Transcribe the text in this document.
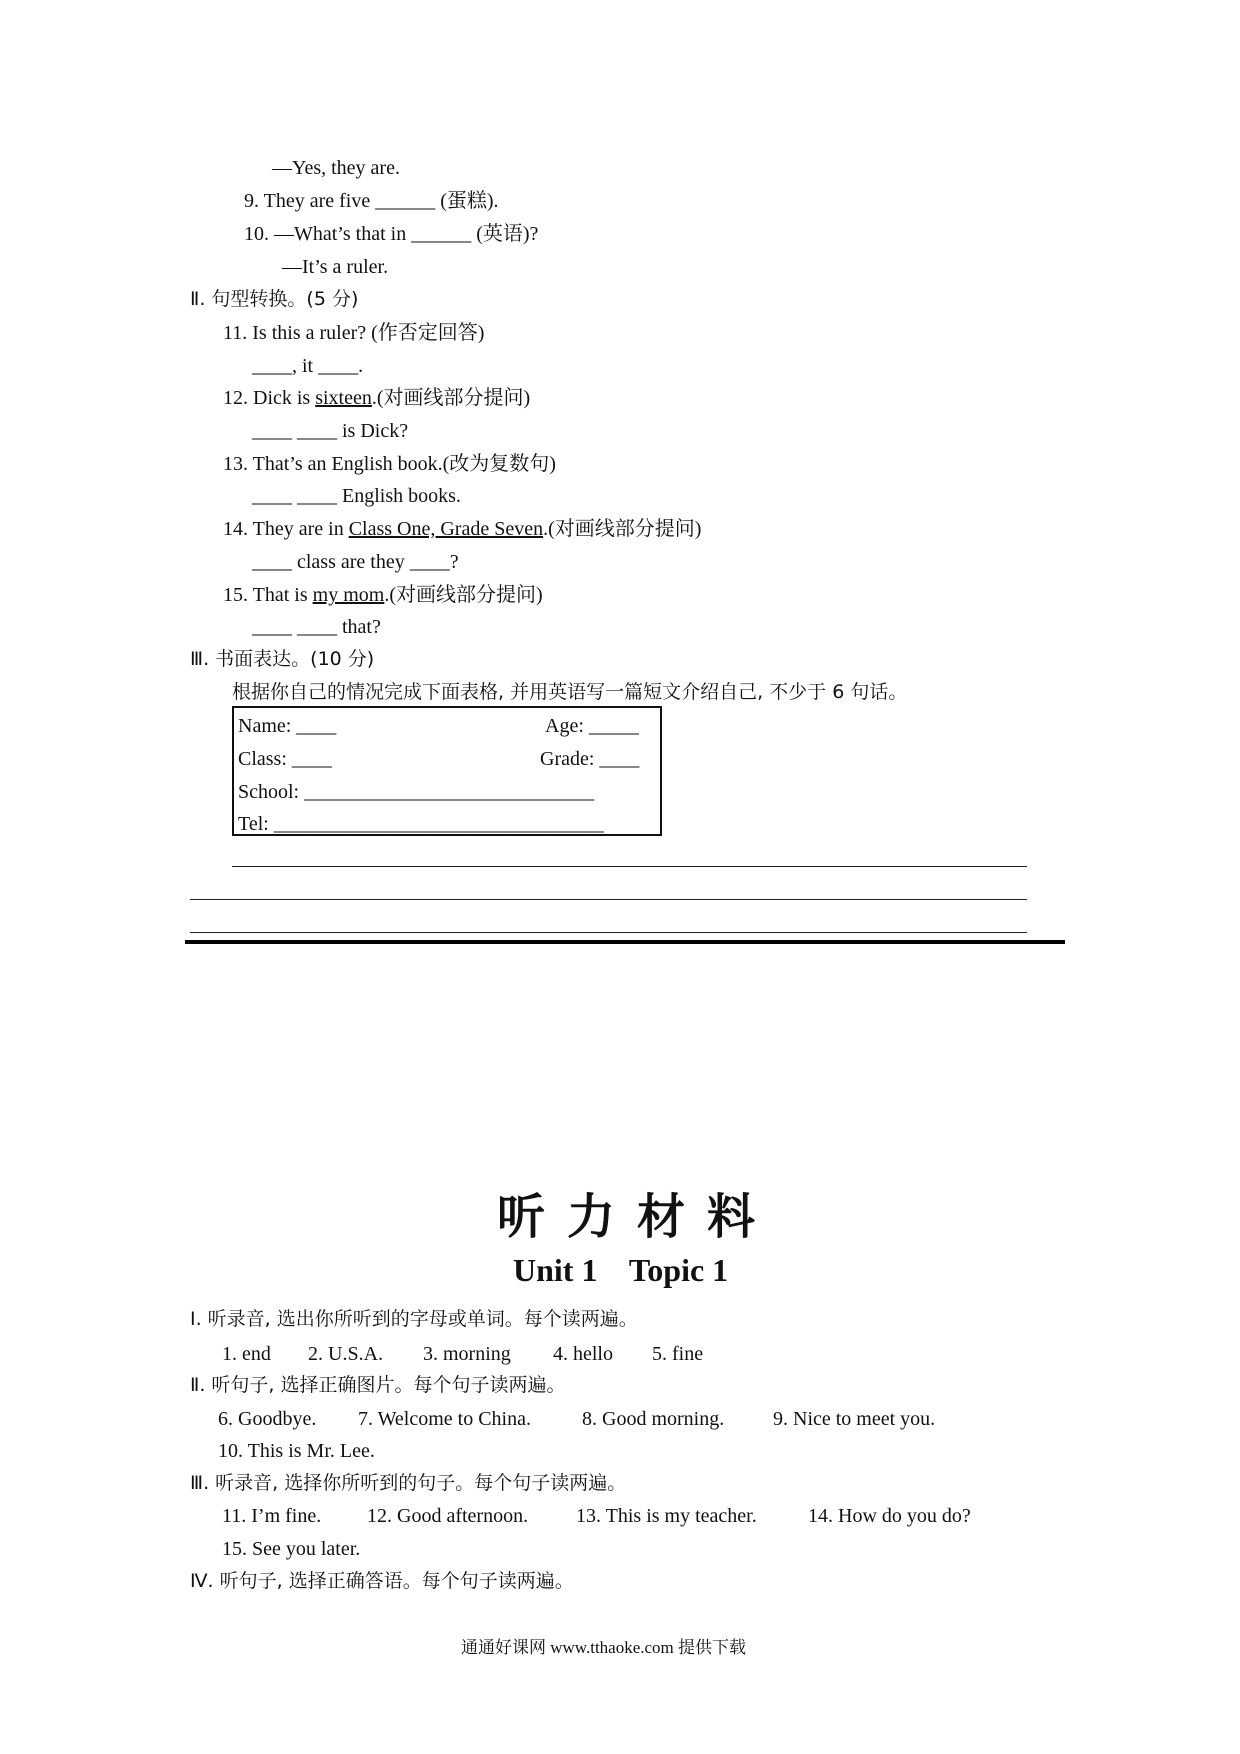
—Yes, they are.
9. They are five ______ (蛋糕).
10. —What’s that in ______ (英语)?
—It’s a ruler.
Ⅱ. 句型转换。(5 分)
11. Is this a ruler? (作否定回答)
____, it ____.
12. Dick is sixteen.(对画线部分提问)
____ ____ is Dick?
13. That’s an English book.(改为复数句)
____ ____ English books.
14. They are in Class One, Grade Seven.(对画线部分提问)
____ class are they ____?
15. That is my mom.(对画线部分提问)
____ ____ that?
Ⅲ. 书面表达。(10 分)
根据你自己的情况完成下面表格, 并用英语写一篇短文介绍自己, 不少于 6 句话。
Name: ____	Age: _____
Class: ____	Grade: ____
School: _____________________________
Tel: _________________________________
听力材料
Unit 1    Topic 1
Ⅰ. 听录音, 选出你所听到的字母或单词。每个读两遍。
1. end 2. U.S.A. 3. morning 4. hello 5. fine
Ⅱ. 听句子, 选择正确图片。每个句子读两遍。
6. Goodbye. 7. Welcome to China.	8. Good morning. 9. Nice to meet you.
10. This is Mr. Lee.
Ⅲ. 听录音, 选择你所听到的句子。每个句子读两遍。
11. I’m fine. 12. Good afternoon. 13. This is my teacher.	14. How do you do?
15. See you later.
Ⅳ. 听句子, 选择正确答语。每个句子读两遍。
通通好课网 www.tthaoke.com 提供下载
